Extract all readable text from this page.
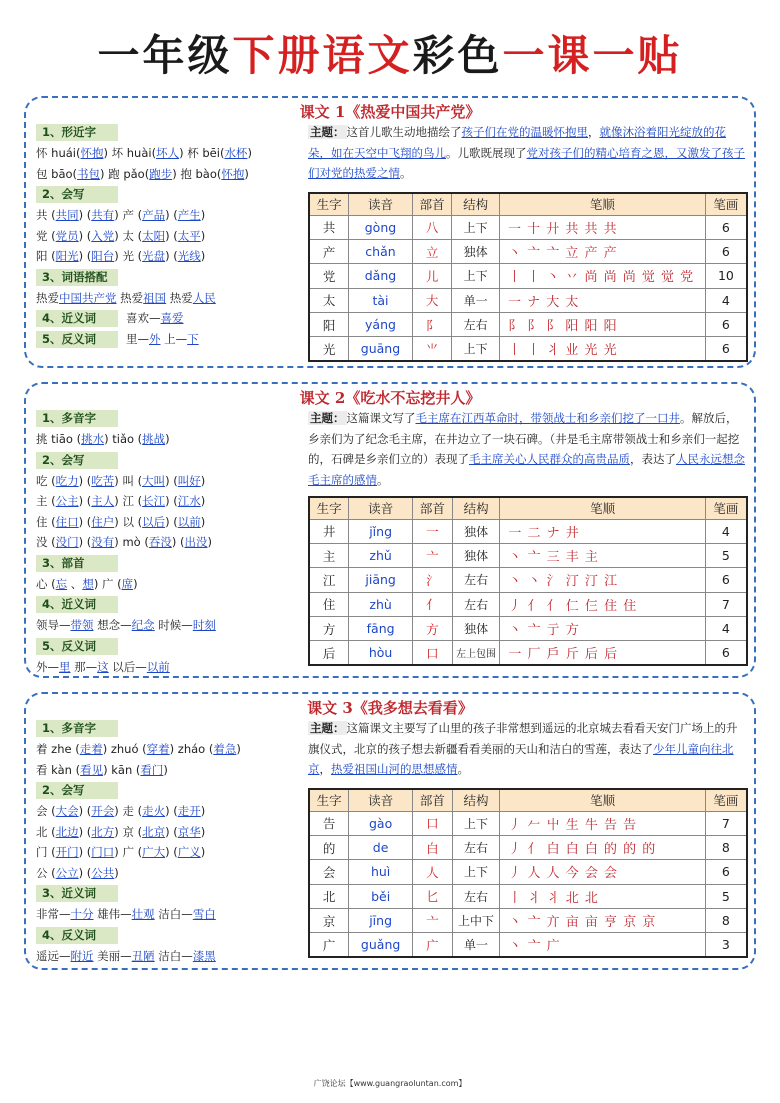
一年级下册语文彩色一课一贴
课文 1《热爱中国共产党》
1、形近字
怀 huái(怀抱) 坏 huài(坏人) 杯 bēi(水杯)
包 bāo(书包) 跑 pǎo(跑步) 抱 bào(怀抱)
2、会写
共 (共同) (共有) 产 (产品) (产生)
党 (党员) (入党) 太 (太阳) (太平)
阳 (阳光) (阳台) 光 (光盘) (光线)
3、词语搭配
热爱中国共产党 热爱祖国 热爱人民
4、近义词	喜欢—喜爱
5、反义词	里—外 上—下
主题： 这首儿歌生动地描绘了孩子们在党的温暖怀抱里，就像沐浴着阳光绽放的花朵，如在天空中飞翔的鸟儿。儿歌既展现了党对孩子们的精心培育之恩，又激发了孩子们对党的热爱之情。
生字	读音	部首	结构	笔顺	笔画
共	gòng	八	上下	一 十 廾 共 共 共	6
产	chǎn	立	独体	丶 亠 亠 立 产 产	6
党	dǎng	儿	上下	丨 丨 丶 丷 尚 尚 尚 觉 觉 党	10
太	tài	大	单一	一 ナ 大 太	4
阳	yáng	阝	左右	阝 阝 阝 阳 阳 阳	6
光	guāng	⺌	上下	丨 丨 丬 业 光 光	6
课文 2《吃水不忘挖井人》
1、多音字
挑 tiāo (挑水) tiǎo (挑战)
2、会写
吃 (吃力) (吃苦) 叫 (大叫) (叫好)
主 (公主) (主人) 江 (长江) (江水)
住 (住口) (住户) 以 (以后) (以前)
没 (没门) (没有) mò (吞没) (出没)
3、部首
心 (忘 、想) 广 (席)
4、近义词
领导—带领 想念—纪念 时候—时刻
5、反义词
外—里 那—这 以后—以前
主题： 这篇课文写了毛主席在江西革命时，带领战士和乡亲们挖了一口井。解放后，乡亲们为了纪念毛主席，在井边立了一块石碑。（井是毛主席带领战士和乡亲们一起挖的，石碑是乡亲们立的）表现了毛主席关心人民群众的高贵品质，表达了人民永远想念毛主席的感情。
生字	读音	部首	结构	笔顺	笔画
井	jǐng	一	独体	一 二 ナ 井	4
主	zhǔ	亠	独体	丶 亠 三 丰 主	5
江	jiāng	氵	左右	丶 丶 氵 汀 汀 江	6
住	zhù	亻	左右	丿 亻 亻 仁 仨 住 住	7
方	fāng	方	独体	丶 亠 亍 方	4
后	hòu	口	左上包围	一 厂 戶 斤 后 后	6
课文 3《我多想去看看》
1、多音字
着 zhe (走着) zhuó (穿着) zháo (着急)
看 kàn (看见) kān (看门)
2、会写
会 (大会) (开会) 走 (走火) (走开)
北 (北边) (北方) 京 (北京) (京华)
门 (开门) (门口) 广 (广大) (广义)
公 (公立) (公共)
3、近义词
非常—十分 雄伟—壮观 洁白—雪白
4、反义词
遥远—附近 美丽—丑陋 洁白—漆黑
主题： 这篇课文主要写了山里的孩子非常想到遥远的北京城去看看天安门广场上的升旗仪式，北京的孩子想去新疆看看美丽的天山和洁白的雪莲，表达了少年儿童向往北京，热爱祖国山河的思想感情。
生字	读音	部首	结构	笔顺	笔画
告	gào	口	上下	丿 𠂉 屮 生 牛 告 告	7
的	de	白	左右	丿 亻 白 白 白 的 的 的	8
会	huì	人	上下	丿 人 人 今 会 会	6
北	běi	匕	左右	丨 丬 丬 北 北	5
京	jīng	亠	上中下	丶 亠 亣 亩 亩 亨 京 京	8
广	guǎng	广	单一	丶 亠 广	3
广饶论坛【www.guangraoluntan.com】
